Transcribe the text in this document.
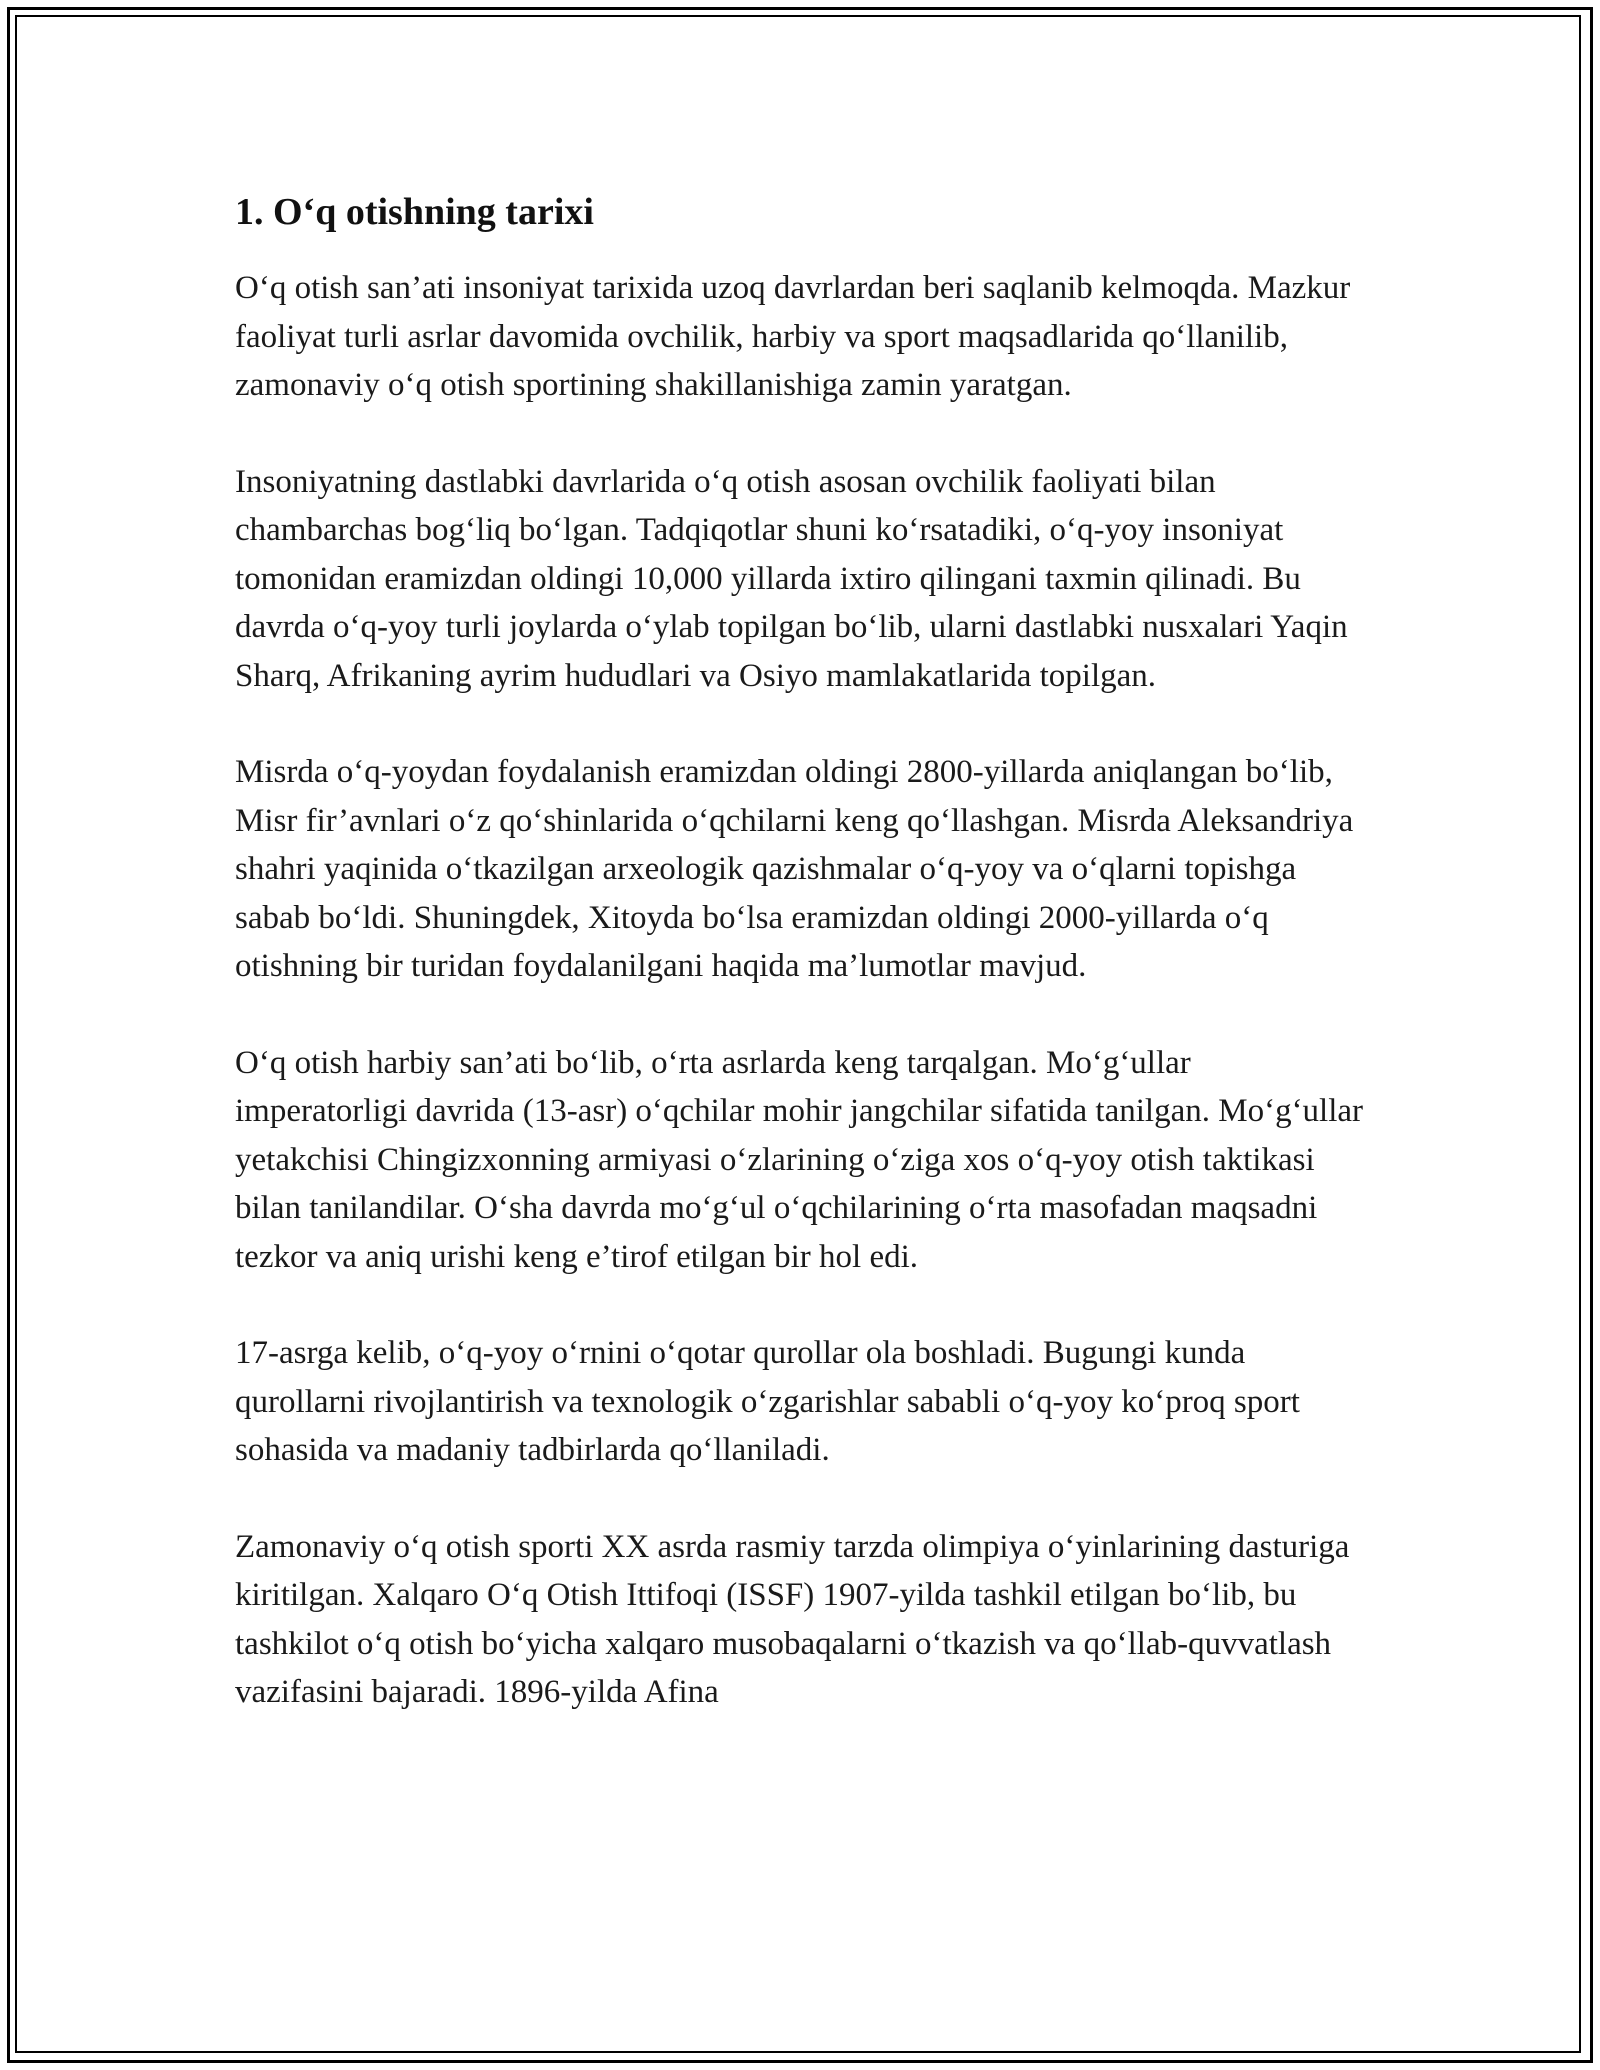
1. O‘q otishning tarixi

O‘q otish san’ati insoniyat tarixida uzoq davrlardan beri saqlanib kelmoqda. Mazkur faoliyat turli asrlar davomida ovchilik, harbiy va sport maqsadlarida qo‘llanilib, zamonaviy o‘q otish sportining shakillanishiga zamin yaratgan.

Insoniyatning dastlabki davrlarida o‘q otish asosan ovchilik faoliyati bilan chambarchas bog‘liq bo‘lgan. Tadqiqotlar shuni ko‘rsatadiki, o‘q-yoy insoniyat tomonidan eramizdan oldingi 10,000 yillarda ixtiro qilingani taxmin qilinadi. Bu davrda o‘q-yoy turli joylarda o‘ylab topilgan bo‘lib, ularni dastlabki nusxalari Yaqin Sharq, Afrikaning ayrim hududlari va Osiyo mamlakatlarida topilgan.

Misrda o‘q-yoydan foydalanish eramizdan oldingi 2800-yillarda aniqlangan bo‘lib, Misr fir’avnlari o‘z qo‘shinlarida o‘qchilarni keng qo‘llashgan. Misrda Aleksandriya shahri yaqinida o‘tkazilgan arxeologik qazishmalar o‘q-yoy va o‘qlarni topishga sabab bo‘ldi. Shuningdek, Xitoyda bo‘lsa eramizdan oldingi 2000-yillarda o‘q otishning bir turidan foydalanilgani haqida ma’lumotlar mavjud.

O‘q otish harbiy san’ati bo‘lib, o‘rta asrlarda keng tarqalgan. Mo‘g‘ullar imperatorligi davrida (13-asr) o‘qchilar mohir jangchilar sifatida tanilgan. Mo‘g‘ullar yetakchisi Chingizxonning armiyasi o‘zlarining o‘ziga xos o‘q-yoy otish taktikasi bilan tanilandilar. O‘sha davrda mo‘g‘ul o‘qchilarining o‘rta masofadan maqsadni tezkor va aniq urishi keng e’tirof etilgan bir hol edi.

17-asrga kelib, o‘q-yoy o‘rnini o‘qotar qurollar ola boshladi. Bugungi kunda qurollarni rivojlantirish va texnologik o‘zgarishlar sababli o‘q-yoy ko‘proq sport sohasida va madaniy tadbirlarda qo‘llaniladi.

Zamonaviy o‘q otish sporti XX asrda rasmiy tarzda olimpiya o‘yinlarining dasturiga kiritilgan. Xalqaro O‘q Otish Ittifoqi (ISSF) 1907-yilda tashkil etilgan bo‘lib, bu tashkilot o‘q otish bo‘yicha xalqaro musobaqalarni o‘tkazish va qo‘llab-quvvatlash vazifasini bajaradi. 1896-yilda Afina
